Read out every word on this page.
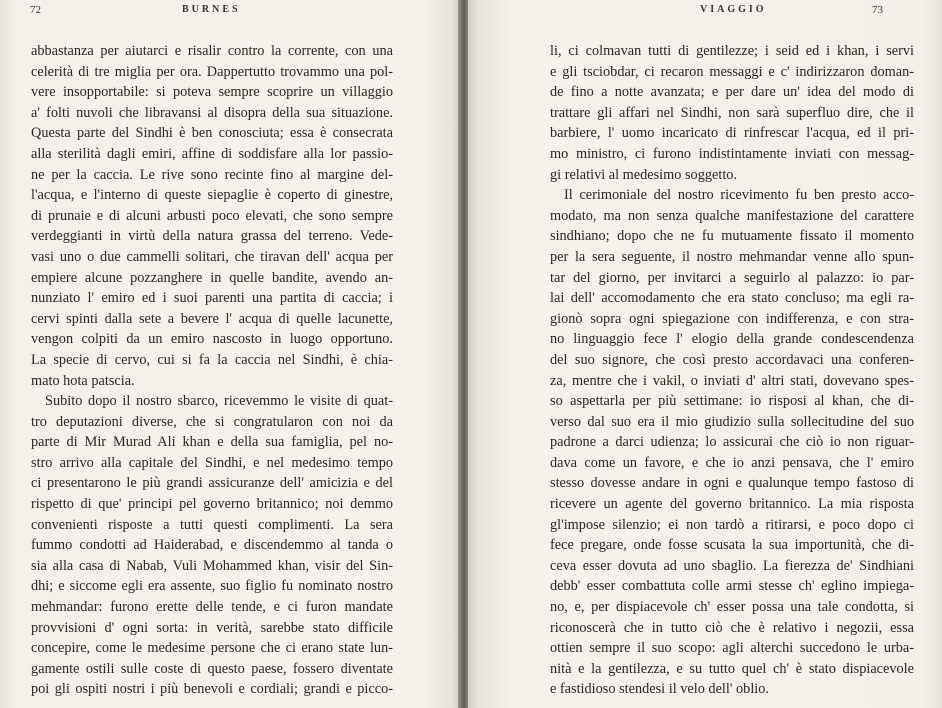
72	BURNES
abbastanza per aiutarci e risalir contro la corrente, con una
celerità di tre miglia per ora. Dappertutto trovammo una pol-
vere insopportabile: si poteva sempre scoprire un villaggio
a' folti nuvoli che libravansi al disopra della sua situazione.
Questa parte del Sindhi è ben conosciuta; essa è consecrata
alla sterilità dagli emiri, affine di soddisfare alla lor passio-
ne per la caccia. Le rive sono recinte fino al margine del-
l'acqua, e l'interno di queste siepaglie è coperto di ginestre,
di prunaie e di alcuni arbusti poco elevati, che sono sempre
verdeggianti in virtù della natura grassa del terreno. Vede-
vasi uno o due cammelli solitari, che tiravan dell' acqua per
empiere alcune pozzanghere in quelle bandite, avendo an-
nunziato l' emiro ed i suoi parenti una partita di caccia; i
cervi spinti dalla sete a bevere l' acqua di quelle lacunette,
vengon colpiti da un emiro nascosto in luogo opportuno.
La specie di cervo, cui si fa la caccia nel Sindhi, è chia-
mato hota patscia.
Subito dopo il nostro sbarco, ricevemmo le visite di quat-
tro deputazioni diverse, che si congratularon con noi da
parte di Mir Murad Ali khan e della sua famiglia, pel no-
stro arrivo alla capitale del Sindhi, e nel medesimo tempo
ci presentarono le più grandi assicuranze dell' amicizia e del
rispetto di que' principi pel governo britannico; noi demmo
convenienti risposte a tutti questi complimenti. La sera
fummo condotti ad Haiderabad, e discendemmo al tanda o
sia alla casa di Nabab, Vuli Mohammed khan, visir del Sin-
dhi; e siccome egli era assente, suo figlio fu nominato nostro
mehmandar: furono erette delle tende, e ci furon mandate
provvisioni d' ogni sorta: in verità, sarebbe stato difficile
concepire, come le medesime persone che ci erano state lun-
gamente ostili sulle coste di questo paese, fossero diventate
poi gli ospiti nostri i più benevoli e cordiali; grandi e picco-
VIAGGIO	73
li, ci colmavan tutti di gentilezze; i seid ed i khan, i servi
e gli tsciobdar, ci recaron messaggi e c' indirizzaron doman-
de fino a notte avanzata; e per dare un' idea del modo di
trattare gli affari nel Sindhi, non sarà superfluo dire, che il
barbiere, l' uomo incaricato di rinfrescar l'acqua, ed il pri-
mo ministro, ci furono indistintamente inviati con messag-
gi relativi al medesimo soggetto.
Il cerimoniale del nostro ricevimento fu ben presto acco-
modato, ma non senza qualche manifestazione del carattere
sindhiano; dopo che ne fu mutuamente fissato il momento
per la sera seguente, il nostro mehmandar venne allo spun-
tar del giorno, per invitarci a seguirlo al palazzo: io par-
lai dell' accomodamento che era stato concluso; ma egli ra-
gionò sopra ogni spiegazione con indifferenza, e con stra-
no linguaggio fece l' elogio della grande condescendenza
del suo signore, che così presto accordavaci una conferen-
za, mentre che i vakil, o inviati d' altri stati, dovevano spes-
so aspettarla per più settimane: io risposi al khan, che di-
verso dal suo era il mio giudizio sulla sollecitudine del suo
padrone a darci udienza; lo assicurai che ciò io non riguar-
dava come un favore, e che io anzi pensava, che l' emiro
stesso dovesse andare in ogni e qualunque tempo fastoso di
ricevere un agente del governo britannico. La mia risposta
gl'impose silenzio; ei non tardò a ritirarsi, e poco dopo ci
fece pregare, onde fosse scusata la sua importunità, che di-
ceva esser dovuta ad uno sbaglio. La fierezza de' Sindhiani
debb' esser combattuta colle armi stesse ch' eglino impiega-
no, e, per dispiacevole ch' esser possa una tale condotta, si
riconoscerà che in tutto ciò che è relativo i negozii, essa
ottien sempre il suo scopo: agli alterchi succedono le urba-
nità e la gentilezza, e su tutto quel ch' è stato dispiacevole
e fastidioso stendesi il velo dell' oblio.
